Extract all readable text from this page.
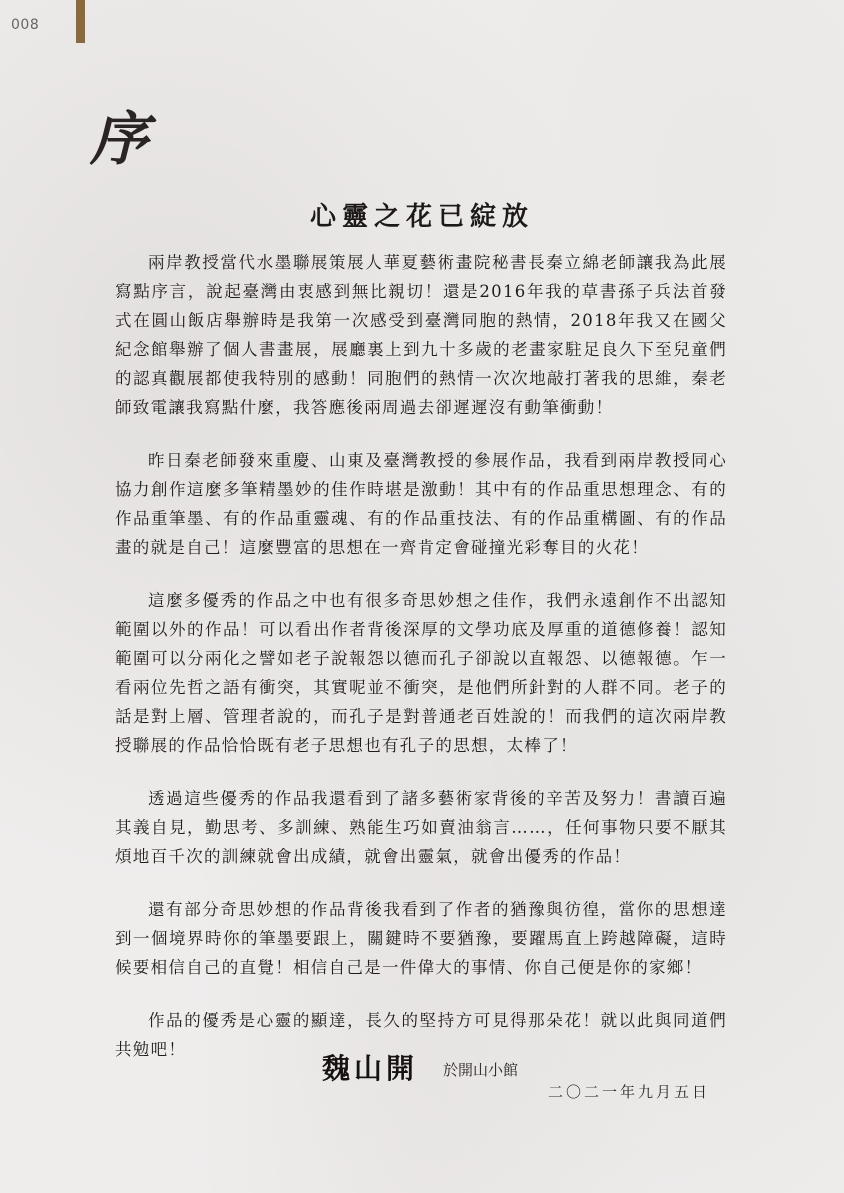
008
序
心靈之花已綻放

兩岸教授當代水墨聯展策展人華夏藝術畫院秘書長秦立綿老師讓我為此展寫點序言，說起臺灣由衷感到無比親切！還是2016年我的草書孫子兵法首發式在圓山飯店舉辦時是我第一次感受到臺灣同胞的熱情，2018年我又在國父紀念館舉辦了個人書畫展，展廳裏上到九十多歲的老畫家駐足良久下至兒童們的認真觀展都使我特別的感動！同胞們的熱情一次次地敲打著我的思維，秦老師致電讓我寫點什麼，我答應後兩周過去卻遲遲沒有動筆衝動！

昨日秦老師發來重慶、山東及臺灣教授的參展作品，我看到兩岸教授同心協力創作這麼多筆精墨妙的佳作時堪是激動！其中有的作品重思想理念、有的作品重筆墨、有的作品重靈魂、有的作品重技法、有的作品重構圖、有的作品畫的就是自己！這麼豐富的思想在一齊肯定會碰撞光彩奪目的火花！

這麼多優秀的作品之中也有很多奇思妙想之佳作，我們永遠創作不出認知範圍以外的作品！可以看出作者背後深厚的文學功底及厚重的道德修養！認知範圍可以分兩化之譬如老子說報怨以德而孔子卻說以直報怨、以德報德。乍一看兩位先哲之語有衝突，其實呢並不衝突，是他們所針對的人群不同。老子的話是對上層、管理者說的，而孔子是對普通老百姓說的！而我們的這次兩岸教授聯展的作品恰恰既有老子思想也有孔子的思想，太棒了！

透過這些優秀的作品我還看到了諸多藝術家背後的辛苦及努力！書讀百遍其義自見，勤思考、多訓練、熟能生巧如賣油翁言……，任何事物只要不厭其煩地百千次的訓練就會出成績，就會出靈氣，就會出優秀的作品！

還有部分奇思妙想的作品背後我看到了作者的猶豫與彷徨，當你的思想達到一個境界時你的筆墨要跟上，關鍵時不要猶豫，要躍馬直上跨越障礙，這時候要相信自己的直覺！相信自己是一件偉大的事情、你自己便是你的家鄉！

作品的優秀是心靈的顯達，長久的堅持方可見得那朵花！就以此與同道們共勉吧！

魏山開 於開山小館
二〇二一年九月五日
